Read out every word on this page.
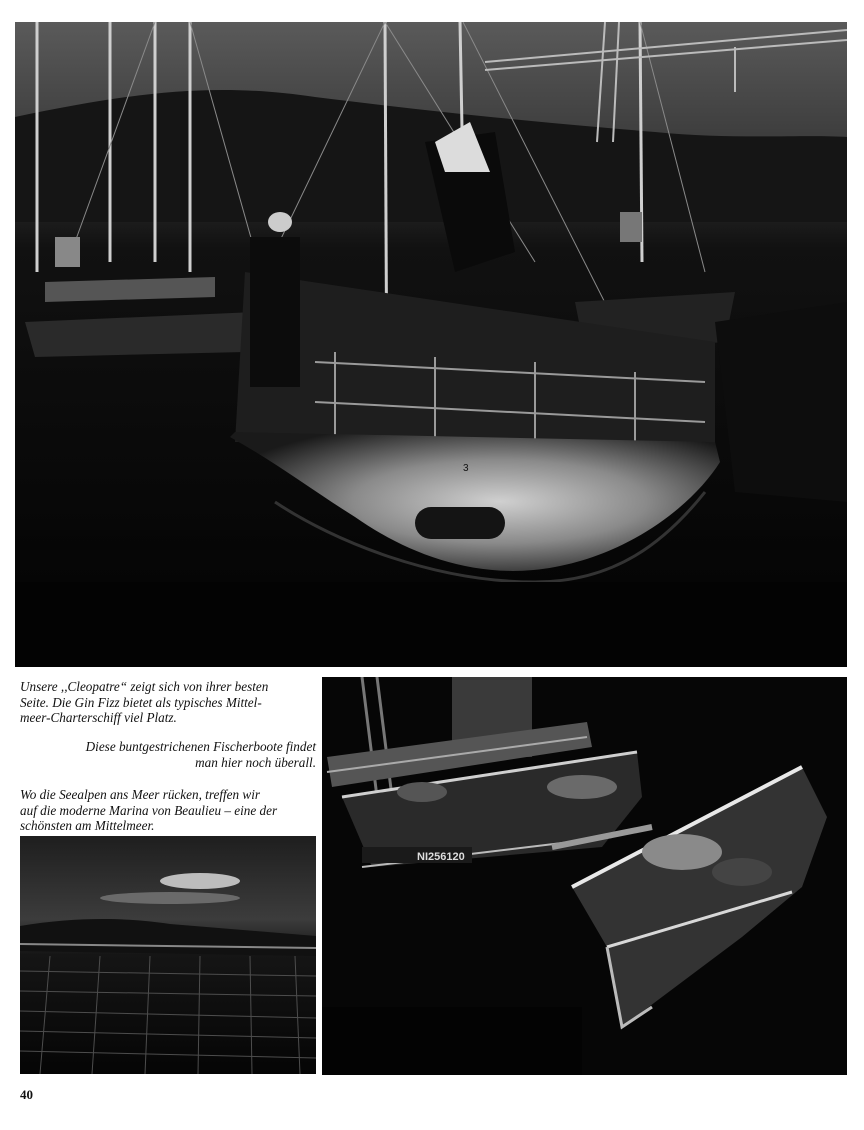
3
Unsere ,,Cleopatre“ zeigt sich von ihrer besten
Seite. Die Gin Fizz bietet als typisches Mittel-
meer-Charterschiff viel Platz.
Diese buntgestrichenen Fischerboote findet
man hier noch überall.
Wo die Seealpen ans Meer rücken, treffen wir
auf die moderne Marina von Beaulieu – eine der
schönsten am Mittelmeer.
NI256120
40
